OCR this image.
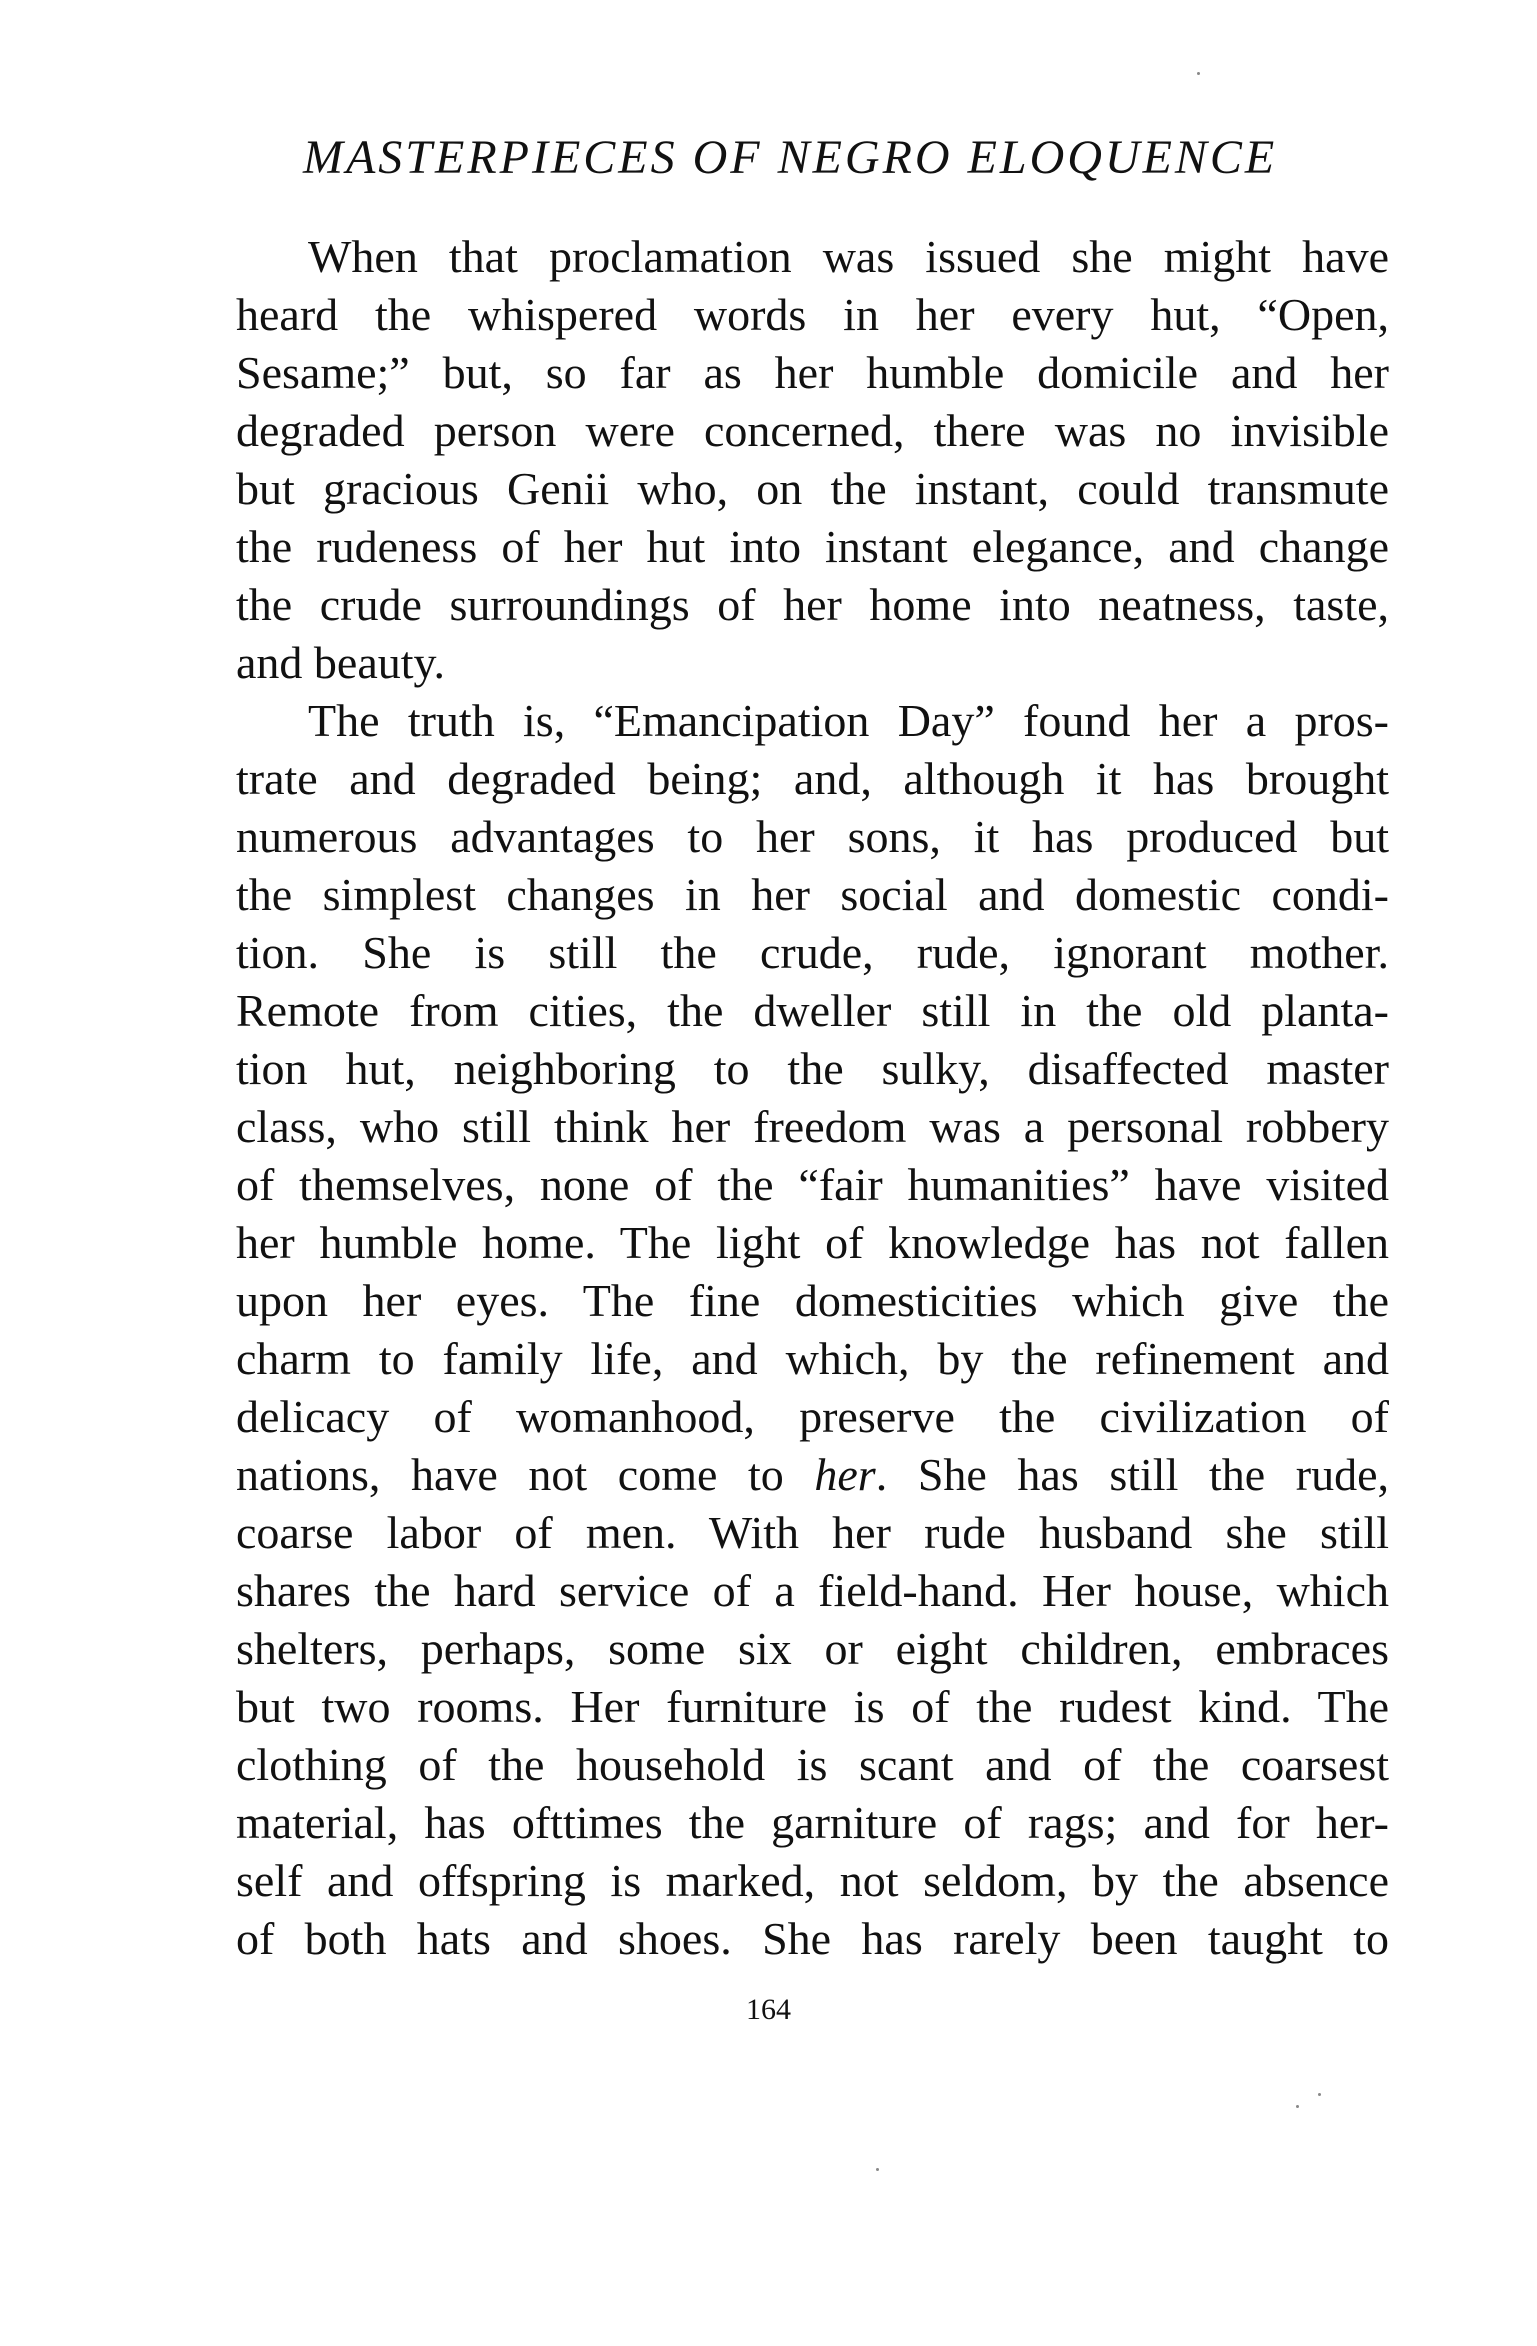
MASTERPIECES OF NEGRO ELOQUENCE
When that proclamation was issued she might have
heard the whispered words in her every hut, “Open,
Sesame;” but, so far as her humble domicile and her
degraded person were concerned, there was no invisible
but gracious Genii who, on the instant, could transmute
the rudeness of her hut into instant elegance, and change
the crude surroundings of her home into neatness, taste,
and beauty.
The truth is, “Emancipation Day” found her a pros-
trate and degraded being; and, although it has brought
numerous advantages to her sons, it has produced but
the simplest changes in her social and domestic condi-
tion. She is still the crude, rude, ignorant mother.
Remote from cities, the dweller still in the old planta-
tion hut, neighboring to the sulky, disaffected master
class, who still think her freedom was a personal robbery
of themselves, none of the “fair humanities” have visited
her humble home. The light of knowledge has not fallen
upon her eyes. The fine domesticities which give the
charm to family life, and which, by the refinement and
delicacy of womanhood, preserve the civilization of
nations, have not come to her. She has still the rude,
coarse labor of men. With her rude husband she still
shares the hard service of a field-hand. Her house, which
shelters, perhaps, some six or eight children, embraces
but two rooms. Her furniture is of the rudest kind. The
clothing of the household is scant and of the coarsest
material, has ofttimes the garniture of rags; and for her-
self and offspring is marked, not seldom, by the absence
of both hats and shoes. She has rarely been taught to
164
